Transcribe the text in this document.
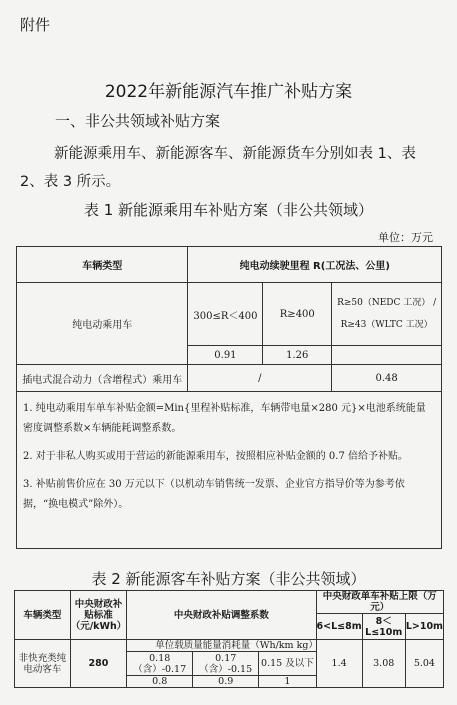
附件
2022年新能源汽车推广补贴方案
一、非公共领域补贴方案
新能源乘用车、新能源客车、新能源货车分别如表 1、表 2、表 3 所示。
表 1 新能源乘用车补贴方案（非公共领域）
单位：万元
车辆类型	纯电动续驶里程 R(工况法、公里)		
纯电动乘用车	300≤R＜400	R≥400	R≥50（NEDC 工况） /
R≥43（WLTC 工况）

	0.91	1.26	
插电式混合动力（含增程式）乘用车	/		0.48

1. 纯电动乘用车单车补贴金额=Min{里程补贴标准，车辆带电量×280 元}×电池系统能量密度调整系数×车辆能耗调整系数。

2. 对于非私人购买或用于营运的新能源乘用车，按照相应补贴金额的 0.7 倍给予补贴。

3. 补贴前售价应在 30 万元以下（以机动车销售统一发票、企业官方指导价等为参考依据，“换电模式”除外）。

表 2 新能源客车补贴方案（非公共领域）
车辆类型	中央财政补贴标准（元/kWh）	中央财政补贴调整系数			中央财政单车补贴上限（万元）		
					6<L≤8m	8＜L≤10m	L>10m
非快充类纯电动客车	280	单位载质量能量消耗量（Wh/km kg）			1.4	3.08	5.04
		0.18（含）-0.17	0.17（含）-0.15	0.15 及以下			
		0.8	0.9	1			
